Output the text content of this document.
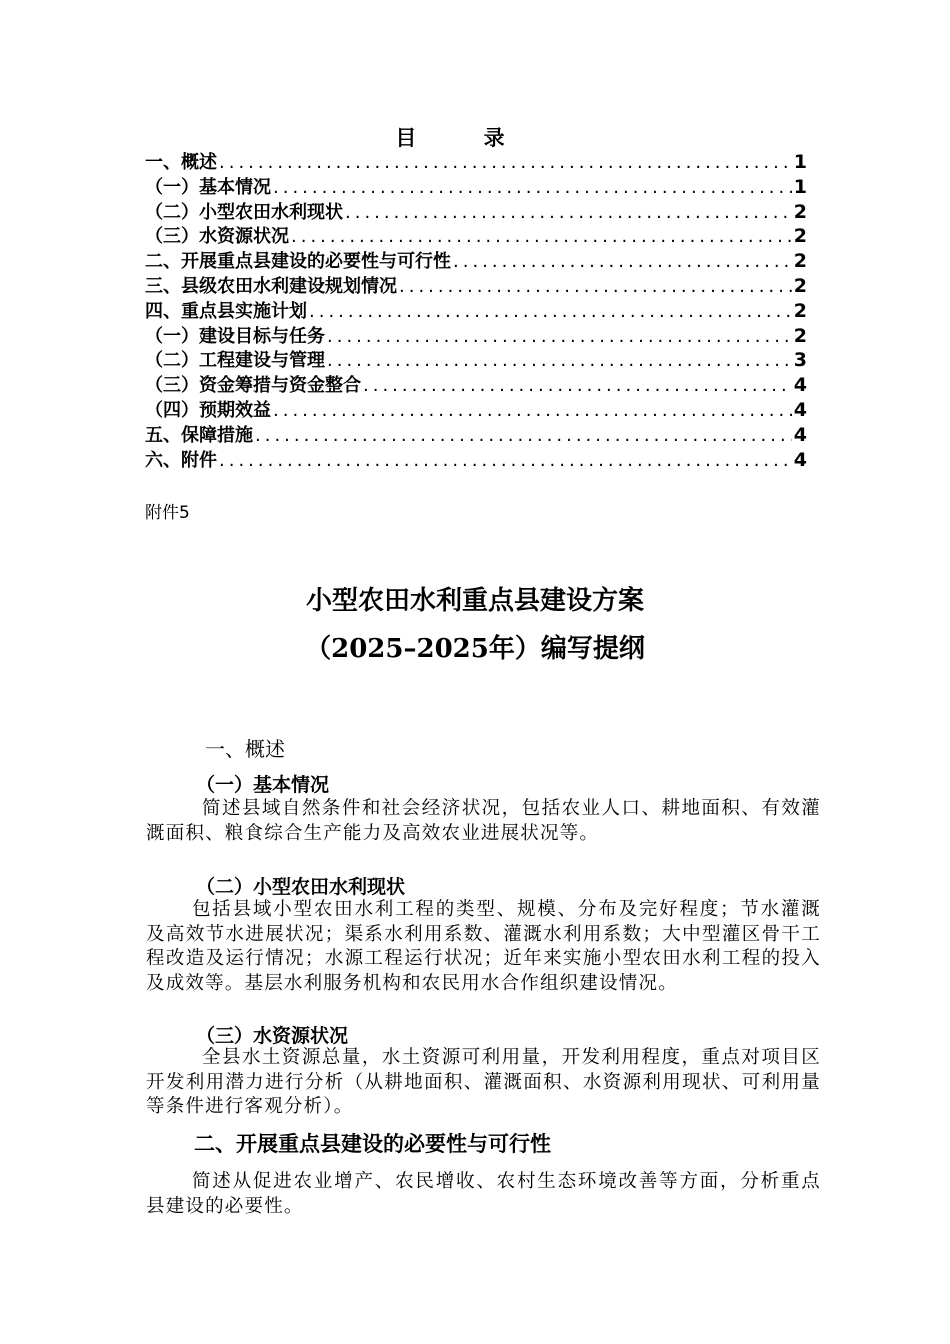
目 录
一、概述 .....	1
（一）基本情况 .....	1
（二）小型农田水利现状 .....	2
（三）水资源状况 .....	2
二、开展重点县建设的必要性与可行性 .....	2
三、县级农田水利建设规划情况 .....	2
四、重点县实施计划 .....	2
（一）建设目标与任务 .....	2
（二）工程建设与管理 .....	3
（三）资金筹措与资金整合 .....	4
（四）预期效益 .....	4
五、保障措施 .....	4
六、附件 .....	4
附件5
小型农田水利重点县建设方案
（2025–2025年）编写提纲
一、概述
（一）基本情况
简述县域自然条件和社会经济状况，包括农业人口、耕地面积、有效灌溉面积、粮食综合生产能力及高效农业进展状况等。
（二）小型农田水利现状
包括县域小型农田水利工程的类型、规模、分布及完好程度；节水灌溉及高效节水进展状况；渠系水利用系数、灌溉水利用系数；大中型灌区骨干工程改造及运行情况；水源工程运行状况；近年来实施小型农田水利工程的投入及成效等。基层水利服务机构和农民用水合作组织建设情况。
（三）水资源状况
全县水土资源总量，水土资源可利用量，开发利用程度，重点对项目区开发利用潜力进行分析（从耕地面积、灌溉面积、水资源利用现状、可利用量等条件进行客观分析）。
二、开展重点县建设的必要性与可行性
简述从促进农业增产、农民增收、农村生态环境改善等方面，分析重点县建设的必要性。
